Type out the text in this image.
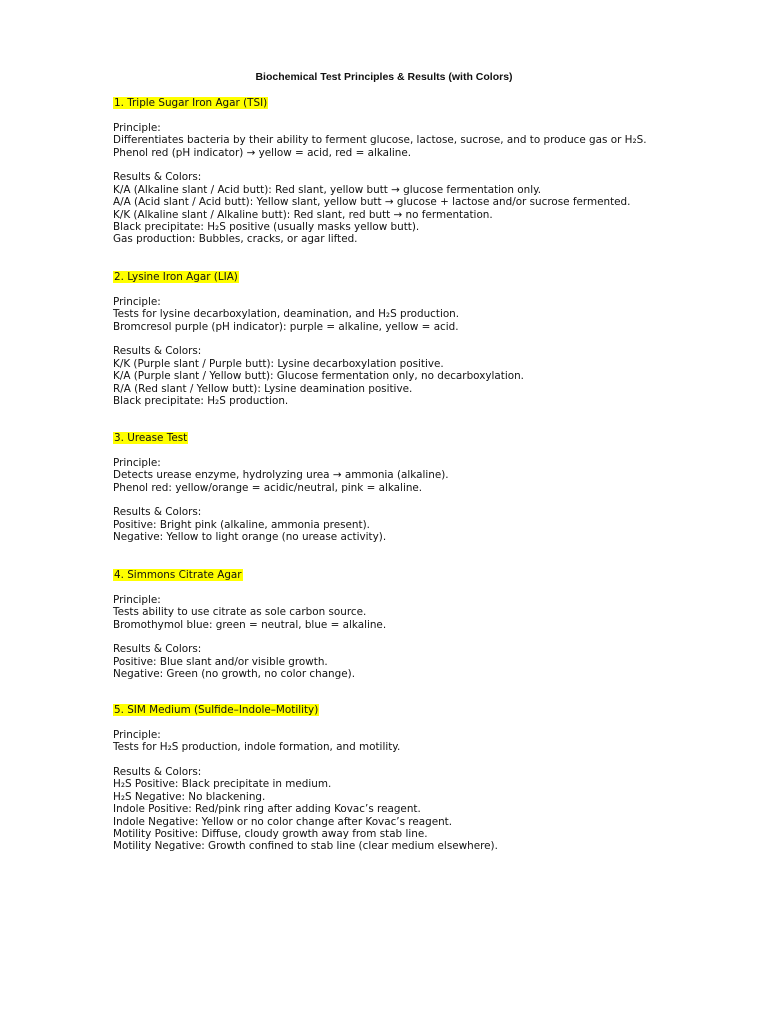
Biochemical Test Principles & Results (with Colors)
1. Triple Sugar Iron Agar (TSI)
Principle:
Differentiates bacteria by their ability to ferment glucose, lactose, sucrose, and to produce gas or H₂S.
Phenol red (pH indicator) → yellow = acid, red = alkaline.
Results & Colors:
K/A (Alkaline slant / Acid butt): Red slant, yellow butt → glucose fermentation only.
A/A (Acid slant / Acid butt): Yellow slant, yellow butt → glucose + lactose and/or sucrose fermented.
K/K (Alkaline slant / Alkaline butt): Red slant, red butt → no fermentation.
Black precipitate: H₂S positive (usually masks yellow butt).
Gas production: Bubbles, cracks, or agar lifted.
2. Lysine Iron Agar (LIA)
Principle:
Tests for lysine decarboxylation, deamination, and H₂S production.
Bromcresol purple (pH indicator): purple = alkaline, yellow = acid.
Results & Colors:
K/K (Purple slant / Purple butt): Lysine decarboxylation positive.
K/A (Purple slant / Yellow butt): Glucose fermentation only, no decarboxylation.
R/A (Red slant / Yellow butt): Lysine deamination positive.
Black precipitate: H₂S production.
3. Urease Test
Principle:
Detects urease enzyme, hydrolyzing urea → ammonia (alkaline).
Phenol red: yellow/orange = acidic/neutral, pink = alkaline.
Results & Colors:
Positive: Bright pink (alkaline, ammonia present).
Negative: Yellow to light orange (no urease activity).
4. Simmons Citrate Agar
Principle:
Tests ability to use citrate as sole carbon source.
Bromothymol blue: green = neutral, blue = alkaline.
Results & Colors:
Positive: Blue slant and/or visible growth.
Negative: Green (no growth, no color change).
5. SIM Medium (Sulfide–Indole–Motility)
Principle:
Tests for H₂S production, indole formation, and motility.
Results & Colors:
H₂S Positive: Black precipitate in medium.
H₂S Negative: No blackening.
Indole Positive: Red/pink ring after adding Kovac’s reagent.
Indole Negative: Yellow or no color change after Kovac’s reagent.
Motility Positive: Diffuse, cloudy growth away from stab line.
Motility Negative: Growth confined to stab line (clear medium elsewhere).
